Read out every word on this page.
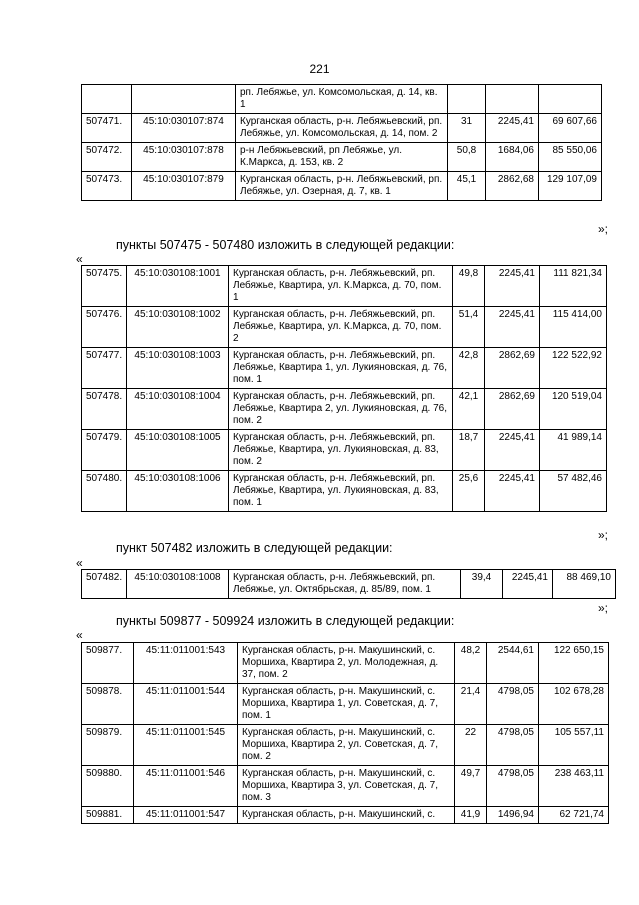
221
		рп. Лебяжье, ул. Комсомольская, д. 14, кв. 1			
507471.	45:10:030107:874	Курганская область, р-н. Лебяжьевский, рп. Лебяжье, ул. Комсомольская, д. 14, пом. 2	31	2245,41	69 607,66
507472.	45:10:030107:878	р-н Лебяжьевский, рп Лебяжье, ул. К.Маркса, д. 153, кв. 2	50,8	1684,06	85 550,06
507473.	45:10:030107:879	Курганская область, р-н. Лебяжьевский, рп. Лебяжье, ул. Озерная, д. 7, кв. 1	45,1	2862,68	129 107,09
»;
пункты 507475 - 507480 изложить в следующей редакции:
«
507475.	45:10:030108:1001	Курганская область, р-н. Лебяжьевский, рп. Лебяжье, Квартира, ул. К.Маркса, д. 70, пом. 1	49,8	2245,41	111 821,34
507476.	45:10:030108:1002	Курганская область, р-н. Лебяжьевский, рп. Лебяжье, Квартира, ул. К.Маркса, д. 70, пом. 2	51,4	2245,41	115 414,00
507477.	45:10:030108:1003	Курганская область, р-н. Лебяжьевский, рп. Лебяжье, Квартира 1, ул. Лукияновская, д. 76, пом. 1	42,8	2862,69	122 522,92
507478.	45:10:030108:1004	Курганская область, р-н. Лебяжьевский, рп. Лебяжье, Квартира 2, ул. Лукияновская, д. 76, пом. 2	42,1	2862,69	120 519,04
507479.	45:10:030108:1005	Курганская область, р-н. Лебяжьевский, рп. Лебяжье, Квартира, ул. Лукияновская, д. 83, пом. 2	18,7	2245,41	41 989,14
507480.	45:10:030108:1006	Курганская область, р-н. Лебяжьевский, рп. Лебяжье, Квартира, ул. Лукияновская, д. 83, пом. 1	25,6	2245,41	57 482,46
»;
пункт 507482 изложить в следующей редакции:
«
507482.	45:10:030108:1008	Курганская область, р-н. Лебяжьевский, рп. Лебяжье, ул. Октябрьская, д. 85/89, пом. 1	39,4	2245,41	88 469,10
»;
пункты 509877 - 509924 изложить в следующей редакции:
«
509877.	45:11:011001:543	Курганская область, р-н. Макушинский, с. Моршиха, Квартира 2, ул. Молодежная, д. 37, пом. 2	48,2	2544,61	122 650,15
509878.	45:11:011001:544	Курганская область, р-н. Макушинский, с. Моршиха, Квартира 1, ул. Советская, д. 7, пом. 1	21,4	4798,05	102 678,28
509879.	45:11:011001:545	Курганская область, р-н. Макушинский, с. Моршиха, Квартира 2, ул. Советская, д. 7, пом. 2	22	4798,05	105 557,11
509880.	45:11:011001:546	Курганская область, р-н. Макушинский, с. Моршиха, Квартира 3, ул. Советская, д. 7, пом. 3	49,7	4798,05	238 463,11
509881.	45:11:011001:547	Курганская область, р-н. Макушинский, с.	41,9	1496,94	62 721,74
